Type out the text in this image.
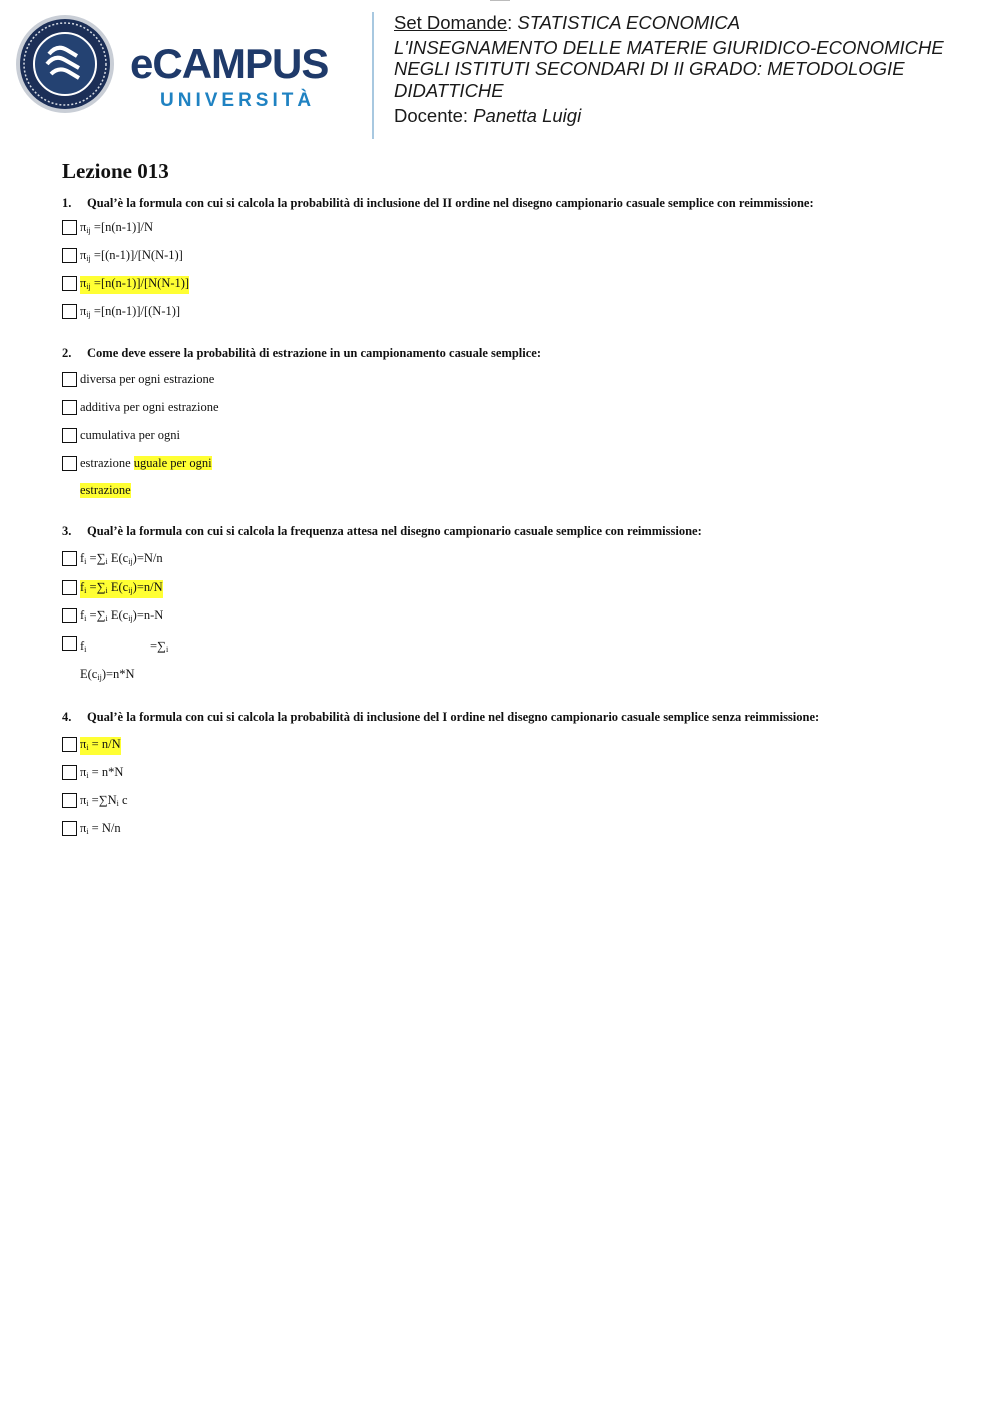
eCAMPUS
UNIVERSITÀ
Set Domande: STATISTICA ECONOMICA
L'INSEGNAMENTO DELLE MATERIE GIURIDICO-ECONOMICHE
NEGLI ISTITUTI SECONDARI DI II GRADO: METODOLOGIE
DIDATTICHE
Docente: Panetta Luigi
Lezione 013
1. Qual’è la formula con cui si calcola la probabilità di inclusione del II ordine nel disegno campionario casuale semplice con reimmissione:
$\pi_{ij} =[n(n-1)]/N$
$\pi_{ij} =[(n-1)]/[N(N-1)]$
$\pi_{ij} =[n(n-1)]/[N(N-1)]$
$\pi_{ij} =[n(n-1)]/[(N-1)]$
2. Come deve essere la probabilità di estrazione in un campionamento casuale semplice:
diversa per ogni estrazione
additiva per ogni estrazione
cumulativa per ogni
estrazione uguale per ogni
estrazione
3. Qual’è la formula con cui si calcola la frequenza attesa nel disegno campionario casuale semplice con reimmissione:
$f_i =\sum_i$ $E(c_{ij})=N/n$
$f_i =\sum_i$ $E(c_{ij})=n/N$
$f_i =\sum_i$ $E(c_{ij})=n-N$
$f_i$	$=\sum_i$
$E(c_{ij})=n*N$
4. Qual’è la formula con cui si calcola la probabilità di inclusione del I ordine nel disegno campionario casuale semplice senza reimmissione:
$\pi_i = n/N$
$\pi_i = n*N$
$\pi_i =\sum N_i$ c
$\pi_i = N/n$
